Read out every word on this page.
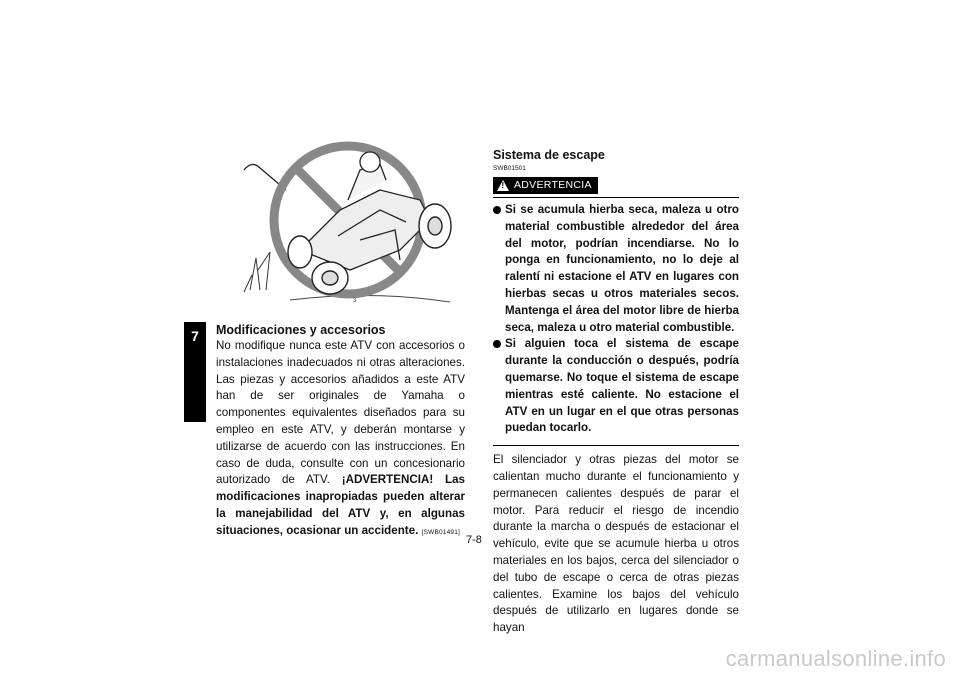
7
3

Modificaciones y accesorios

No modifique nunca este ATV con accesorios o instalaciones inadecuados ni otras alteraciones. Las piezas y accesorios añadidos a este ATV han de ser originales de Yamaha o componentes equivalentes diseñados para su empleo en este ATV, y deberán montarse y utilizarse de acuerdo con las instrucciones. En caso de duda, consulte con un concesionario autorizado de ATV. ¡ADVERTENCIA! Las modificaciones inapropiadas pueden alterar la manejabilidad del ATV y, en algunas situaciones, ocasionar un accidente. [SWB01491]

Sistema de escape

SWB01501
! ADVERTENCIA
Si se acumula hierba seca, maleza u otro material combustible alrededor del área del motor, podrían incendiarse. No lo ponga en funcionamiento, no lo deje al ralentí ni estacione el ATV en lugares con hierbas secas u otros materiales secos. Mantenga el área del motor libre de hierba seca, maleza u otro material combustible.
Si alguien toca el sistema de escape durante la conducción o después, podría quemarse. No toque el sistema de escape mientras esté caliente. No estacione el ATV en un lugar en el que otras personas puedan tocarlo.

El silenciador y otras piezas del motor se calientan mucho durante el funcionamiento y permanecen calientes después de parar el motor. Para reducir el riesgo de incendio durante la marcha o después de estacionar el vehículo, evite que se acumule hierba u otros materiales en los bajos, cerca del silenciador o del tubo de escape o cerca de otras piezas calientes. Examine los bajos del vehículo después de utilizarlo en lugares donde se hayan

7-8
carmanualsonline.info
